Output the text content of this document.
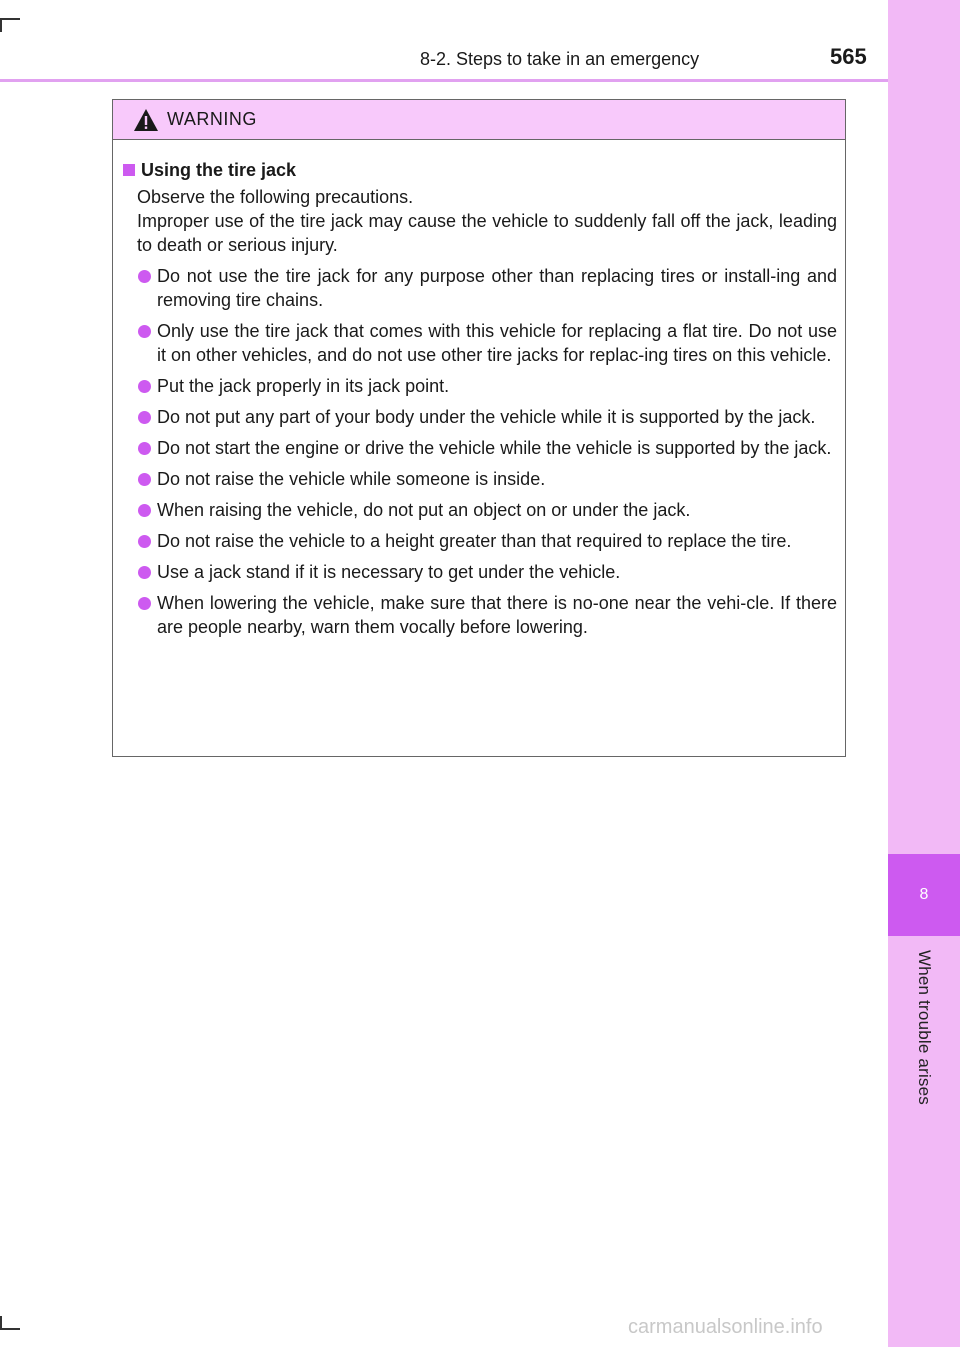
8
When trouble arises
8-2. Steps to take in an emergency	565
WARNING
Using the tire jack
Observe the following precautions.
Improper use of the tire jack may cause the vehicle to suddenly fall off the jack, leading to death or serious injury.
Do not use the tire jack for any purpose other than replacing tires or install-ing and removing tire chains.
Only use the tire jack that comes with this vehicle for replacing a flat tire. Do not use it on other vehicles, and do not use other tire jacks for replac-ing tires on this vehicle.
Put the jack properly in its jack point.
Do not put any part of your body under the vehicle while it is supported by the jack.
Do not start the engine or drive the vehicle while the vehicle is supported by the jack.
Do not raise the vehicle while someone is inside.
When raising the vehicle, do not put an object on or under the jack.
Do not raise the vehicle to a height greater than that required to replace the tire.
Use a jack stand if it is necessary to get under the vehicle.
When lowering the vehicle, make sure that there is no-one near the vehi-cle. If there are people nearby, warn them vocally before lowering.
carmanualsonline.info
